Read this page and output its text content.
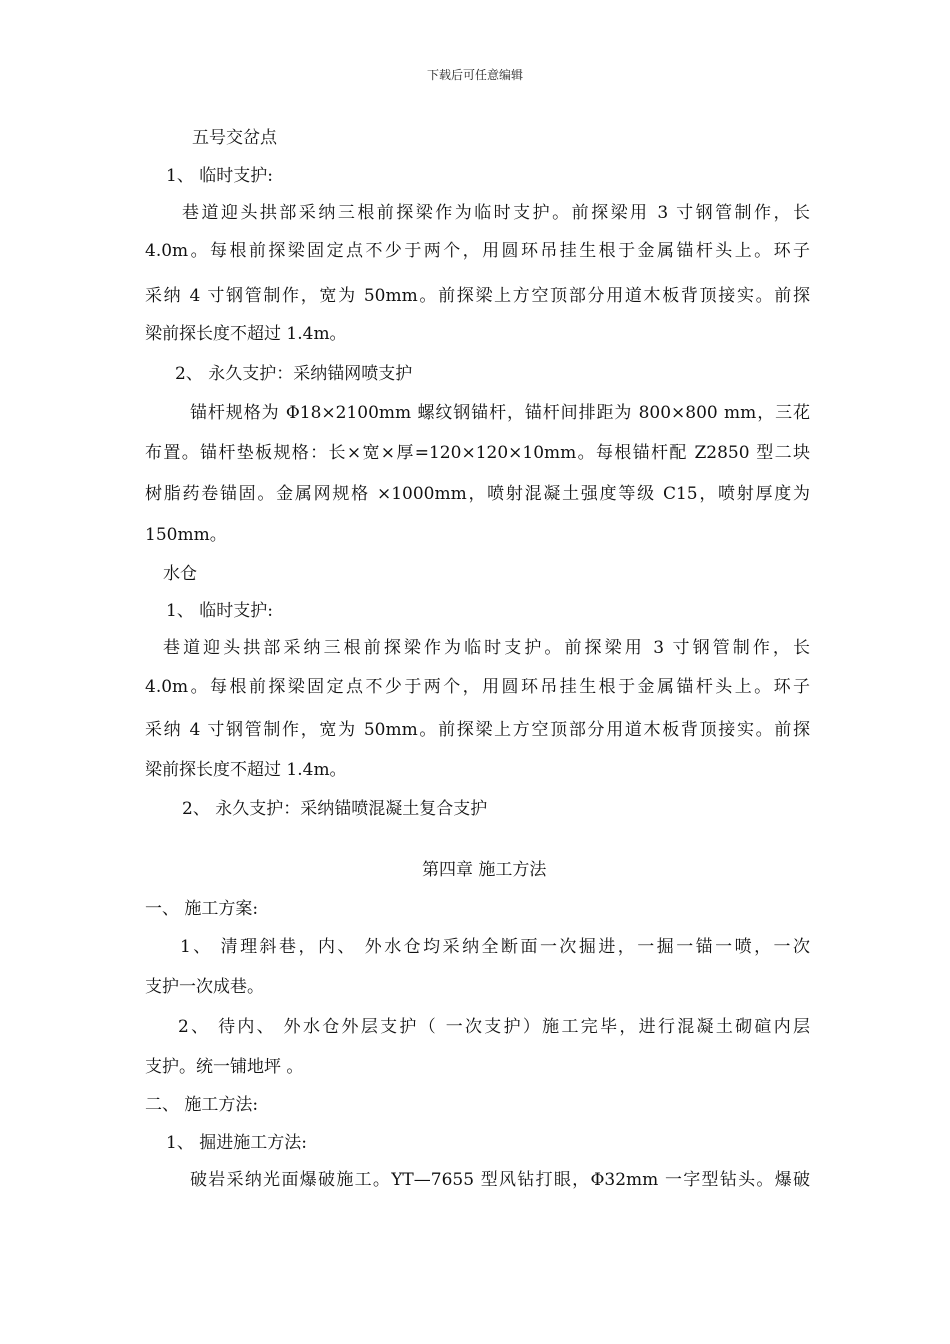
下载后可任意编辑
五号交岔点
1、 临时支护:
巷道迎头拱部采纳三根前探梁作为临时支护。前探梁用 3 寸钢管制作，长
4.0m。每根前探梁固定点不少于两个，用圆环吊挂生根于金属锚杆头上。环子
采纳 4 寸钢管制作，宽为 50mm。前探梁上方空顶部分用道木板背顶接实。前探
梁前探长度不超过 1.4m。
2、 永久支护：采纳锚网喷支护
锚杆规格为 Φ18×2100mm 螺纹钢锚杆，锚杆间排距为 800×800 mm，三花
布置。锚杆垫板规格：长×宽×厚=120×120×10mm。每根锚杆配 Z2850 型二块
树脂药卷锚固。金属网规格 ×1000mm，喷射混凝土强度等级 C15，喷射厚度为
150mm。
水仓
1、 临时支护:
巷道迎头拱部采纳三根前探梁作为临时支护。前探梁用 3 寸钢管制作，长
4.0m。每根前探梁固定点不少于两个，用圆环吊挂生根于金属锚杆头上。环子
采纳 4 寸钢管制作，宽为 50mm。前探梁上方空顶部分用道木板背顶接实。前探
梁前探长度不超过 1.4m。
2、 永久支护：采纳锚喷混凝土复合支护
第四章 施工方法
一、 施工方案:
1、 清理斜巷，内、 外水仓均采纳全断面一次掘进，一掘一锚一喷，一次
支护一次成巷。
2、 待内、 外水仓外层支护（ 一次支护）施工完毕，进行混凝土砌碹内层
支护。统一铺地坪 。
二、 施工方法:
1、 掘进施工方法:
破岩采纳光面爆破施工。YT—7655 型风钻打眼，Φ32mm 一字型钻头。爆破
